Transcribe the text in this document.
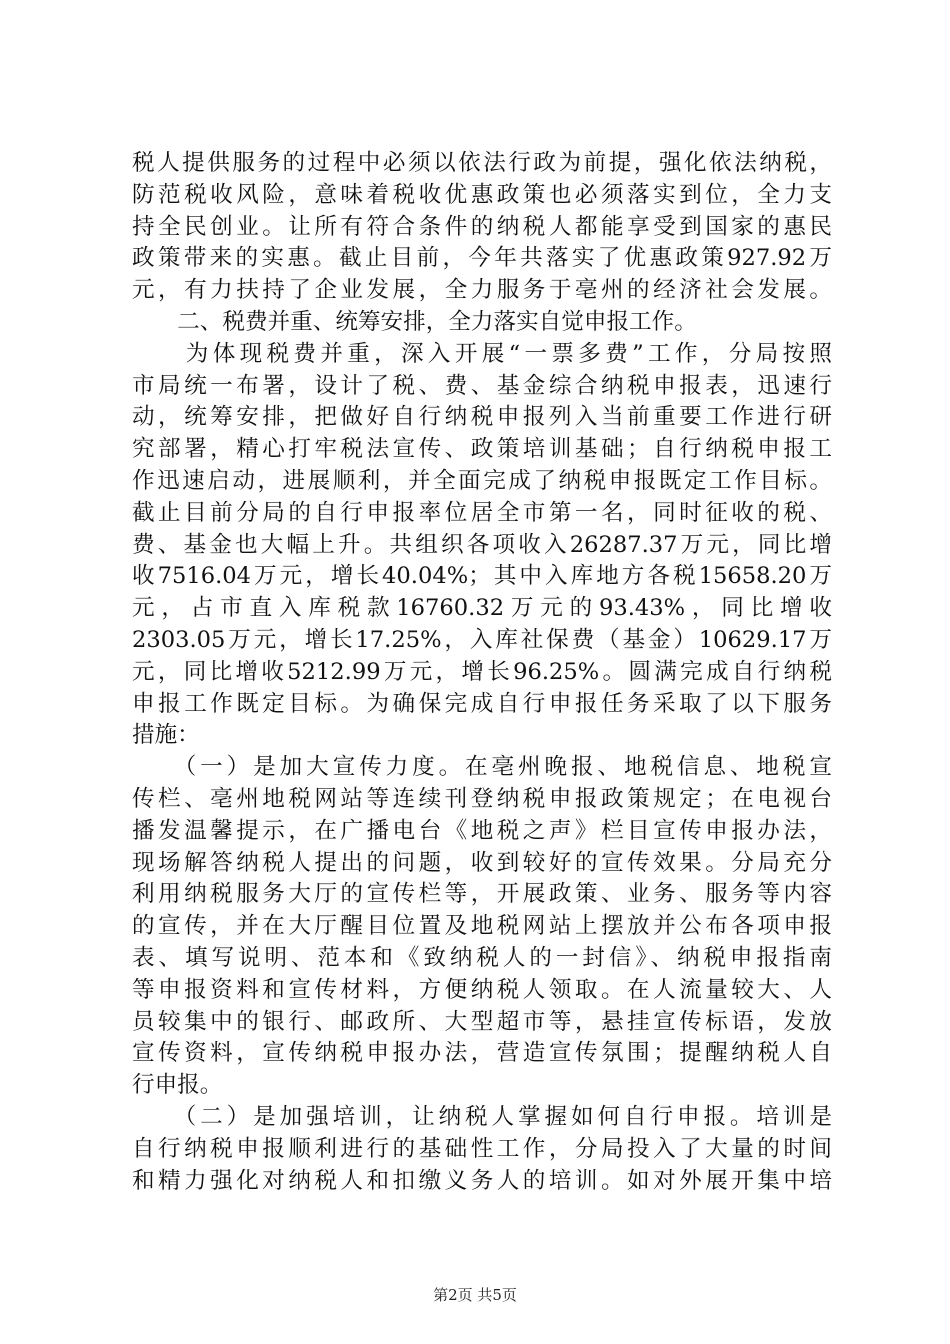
税人提供服务的过程中必须以依法行政为前提，强化依法纳税，
防范税收风险，意味着税收优惠政策也必须落实到位，全力支
持全民创业。让所有符合条件的纳税人都能享受到国家的惠民
政策带来的实惠。截止目前，今年共落实了优惠政策927.92万
元，有力扶持了企业发展，全力服务于亳州的经济社会发展。
　　二、税费并重、统筹安排，全力落实自觉申报工作。
　　为体现税费并重，深入开展“一票多费”工作，分局按照
市局统一布署，设计了税、费、基金综合纳税申报表，迅速行
动，统筹安排，把做好自行纳税申报列入当前重要工作进行研
究部署，精心打牢税法宣传、政策培训基础；自行纳税申报工
作迅速启动，进展顺利，并全面完成了纳税申报既定工作目标。
截止目前分局的自行申报率位居全市第一名，同时征收的税、
费、基金也大幅上升。共组织各项收入26287.37万元，同比增
收7516.04万元，增长40.04%；其中入库地方各税15658.20万
元，占市直入库税款16760.32万元的93.43%，同比增收
2303.05万元，增长17.25%，入库社保费（基金）10629.17万
元，同比增收5212.99万元，增长96.25%。圆满完成自行纳税
申报工作既定目标。为确保完成自行申报任务采取了以下服务
措施：
　　（一）是加大宣传力度。在亳州晚报、地税信息、地税宣
传栏、亳州地税网站等连续刊登纳税申报政策规定；在电视台
播发温馨提示，在广播电台《地税之声》栏目宣传申报办法，
现场解答纳税人提出的问题，收到较好的宣传效果。分局充分
利用纳税服务大厅的宣传栏等，开展政策、业务、服务等内容
的宣传，并在大厅醒目位置及地税网站上摆放并公布各项申报
表、填写说明、范本和《致纳税人的一封信》、纳税申报指南
等申报资料和宣传材料，方便纳税人领取。在人流量较大、人
员较集中的银行、邮政所、大型超市等，悬挂宣传标语，发放
宣传资料，宣传纳税申报办法，营造宣传氛围；提醒纳税人自
行申报。
　　（二）是加强培训，让纳税人掌握如何自行申报。培训是
自行纳税申报顺利进行的基础性工作，分局投入了大量的时间
和精力强化对纳税人和扣缴义务人的培训。如对外展开集中培
第2页 共5页
